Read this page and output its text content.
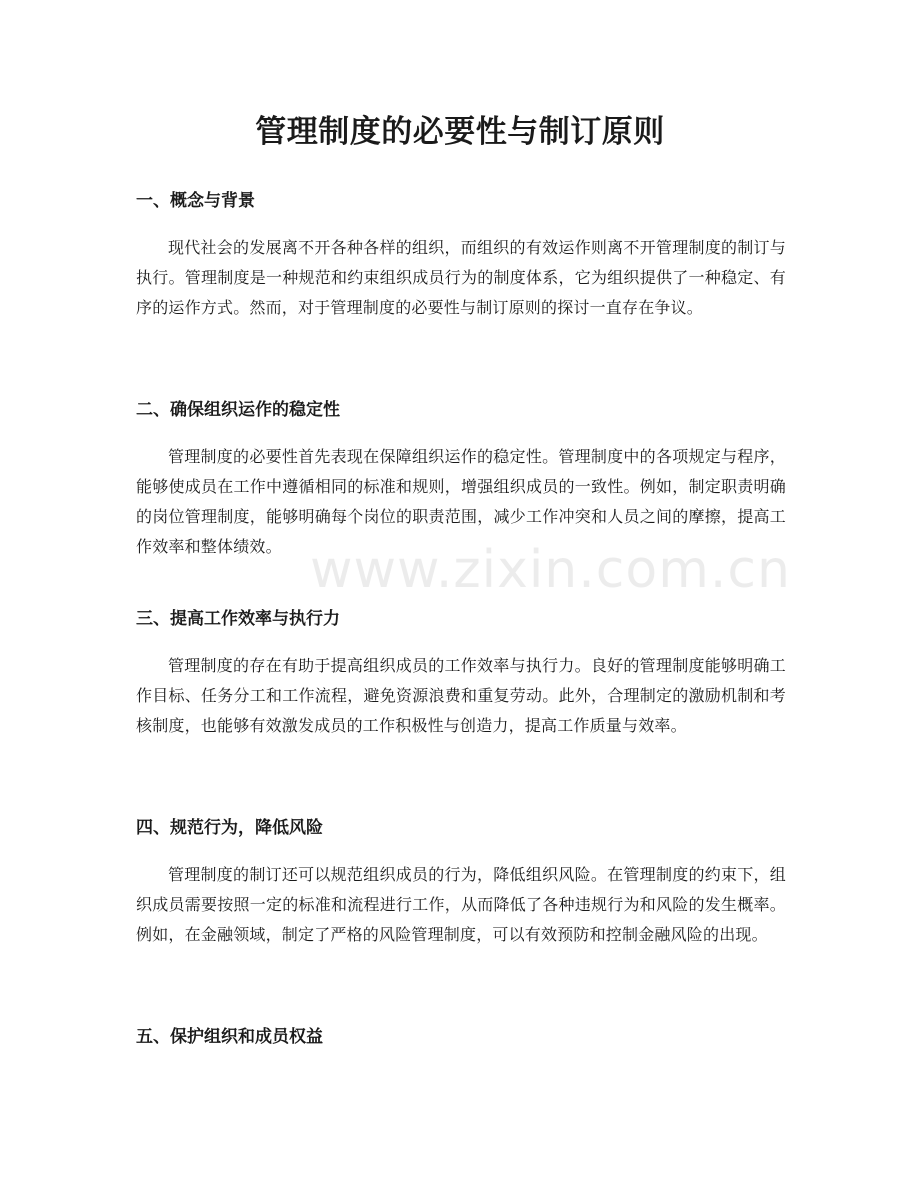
管理制度的必要性与制订原则
www.zixin.com.cn
一、概念与背景

现代社会的发展离不开各种各样的组织，而组织的有效运作则离不开管理制度的制订与执行。管理制度是一种规范和约束组织成员行为的制度体系，它为组织提供了一种稳定、有序的运作方式。然而，对于管理制度的必要性与制订原则的探讨一直存在争议。

二、确保组织运作的稳定性

管理制度的必要性首先表现在保障组织运作的稳定性。管理制度中的各项规定与程序，能够使成员在工作中遵循相同的标准和规则，增强组织成员的一致性。例如，制定职责明确的岗位管理制度，能够明确每个岗位的职责范围，减少工作冲突和人员之间的摩擦，提高工作效率和整体绩效。

三、提高工作效率与执行力

管理制度的存在有助于提高组织成员的工作效率与执行力。良好的管理制度能够明确工作目标、任务分工和工作流程，避免资源浪费和重复劳动。此外，合理制定的激励机制和考核制度，也能够有效激发成员的工作积极性与创造力，提高工作质量与效率。

四、规范行为，降低风险

管理制度的制订还可以规范组织成员的行为，降低组织风险。在管理制度的约束下，组织成员需要按照一定的标准和流程进行工作，从而降低了各种违规行为和风险的发生概率。例如，在金融领域，制定了严格的风险管理制度，可以有效预防和控制金融风险的出现。

五、保护组织和成员权益
